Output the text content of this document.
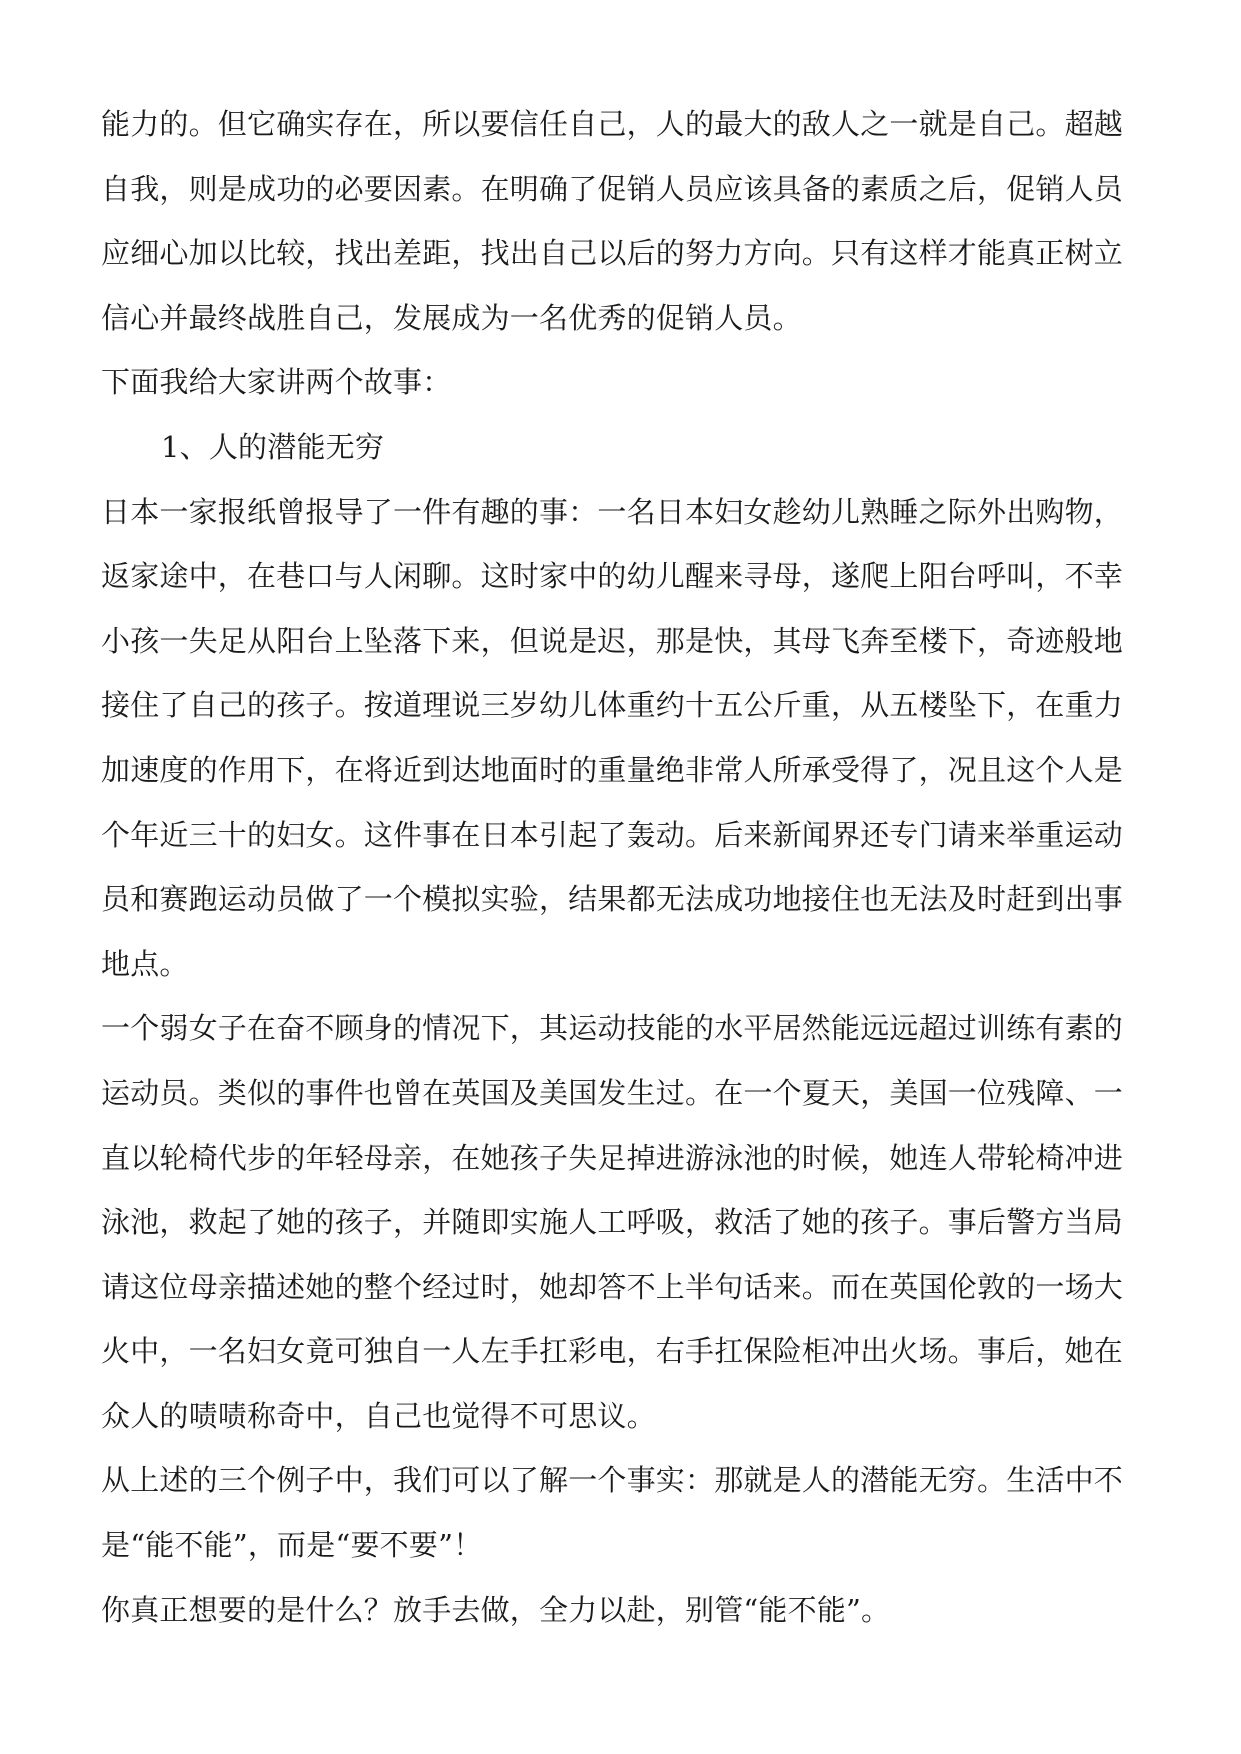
能力的。但它确实存在，所以要信任自己，人的最大的敌人之一就是自己。超越
自我，则是成功的必要因素。在明确了促销人员应该具备的素质之后，促销人员
应细心加以比较，找出差距，找出自己以后的努力方向。只有这样才能真正树立
信心并最终战胜自己，发展成为一名优秀的促销人员。
下面我给大家讲两个故事：
1、人的潜能无穷
日本一家报纸曾报导了一件有趣的事：一名日本妇女趁幼儿熟睡之际外出购物，
返家途中，在巷口与人闲聊。这时家中的幼儿醒来寻母，遂爬上阳台呼叫，不幸
小孩一失足从阳台上坠落下来，但说是迟，那是快，其母飞奔至楼下，奇迹般地
接住了自己的孩子。按道理说三岁幼儿体重约十五公斤重，从五楼坠下，在重力
加速度的作用下，在将近到达地面时的重量绝非常人所承受得了，况且这个人是
个年近三十的妇女。这件事在日本引起了轰动。后来新闻界还专门请来举重运动
员和赛跑运动员做了一个模拟实验，结果都无法成功地接住也无法及时赶到出事
地点。
一个弱女子在奋不顾身的情况下，其运动技能的水平居然能远远超过训练有素的
运动员。类似的事件也曾在英国及美国发生过。在一个夏天，美国一位残障、一
直以轮椅代步的年轻母亲，在她孩子失足掉进游泳池的时候，她连人带轮椅冲进
泳池，救起了她的孩子，并随即实施人工呼吸，救活了她的孩子。事后警方当局
请这位母亲描述她的整个经过时，她却答不上半句话来。而在英国伦敦的一场大
火中，一名妇女竟可独自一人左手扛彩电，右手扛保险柜冲出火场。事后，她在
众人的啧啧称奇中，自己也觉得不可思议。
从上述的三个例子中，我们可以了解一个事实：那就是人的潜能无穷。生活中不
是“能不能”，而是“要不要”！
你真正想要的是什么？放手去做，全力以赴，别管“能不能”。
